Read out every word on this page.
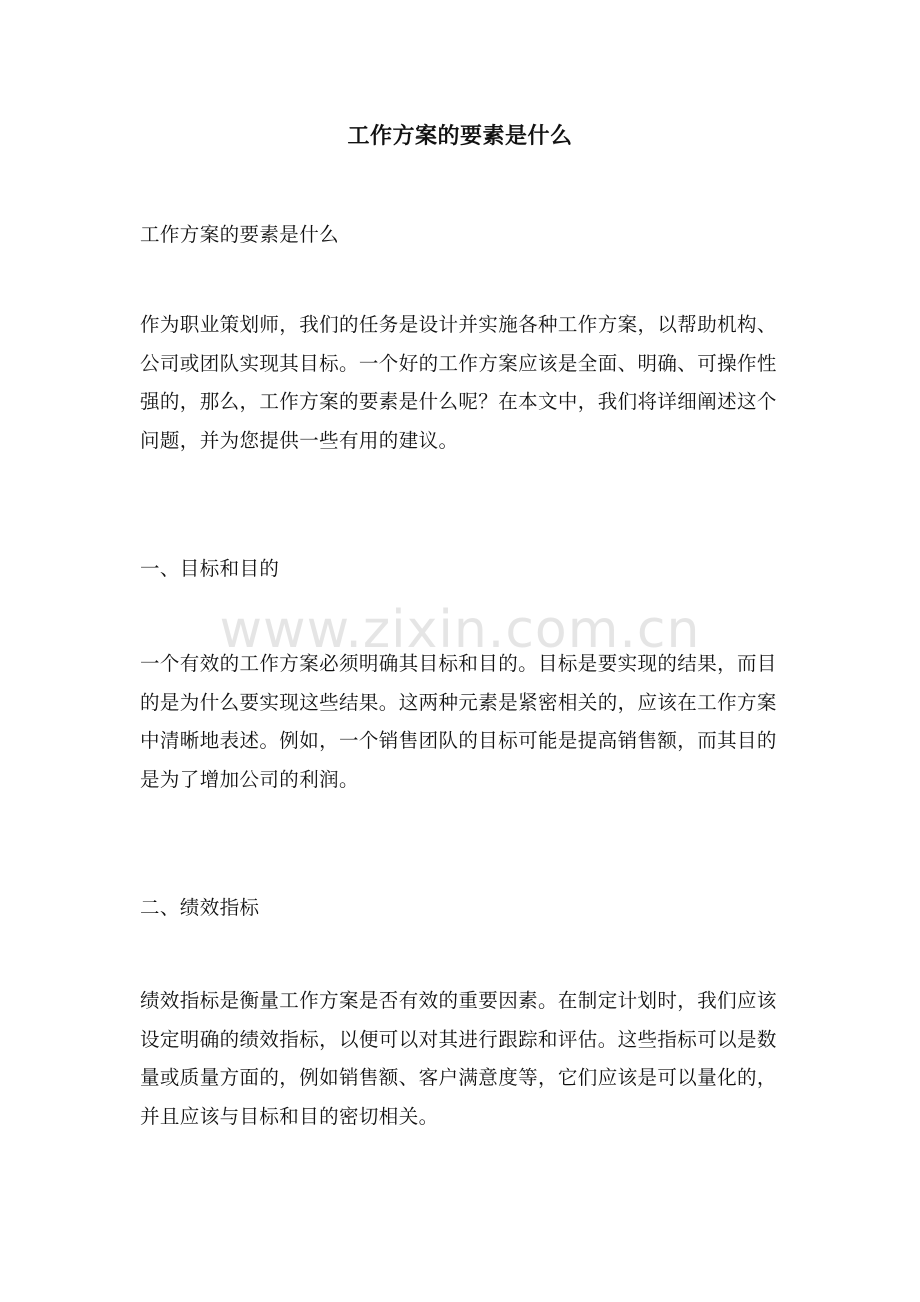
工作方案的要素是什么

工作方案的要素是什么

作为职业策划师，我们的任务是设计并实施各种工作方案，以帮助机构、公司或团队实现其目标。一个好的工作方案应该是全面、明确、可操作性强的，那么，工作方案的要素是什么呢？在本文中，我们将详细阐述这个问题，并为您提供一些有用的建议。

一、目标和目的

一个有效的工作方案必须明确其目标和目的。目标是要实现的结果，而目的是为什么要实现这些结果。这两种元素是紧密相关的，应该在工作方案中清晰地表述。例如，一个销售团队的目标可能是提高销售额，而其目的是为了增加公司的利润。

二、绩效指标

绩效指标是衡量工作方案是否有效的重要因素。在制定计划时，我们应该设定明确的绩效指标，以便可以对其进行跟踪和评估。这些指标可以是数量或质量方面的，例如销售额、客户满意度等，它们应该是可以量化的，并且应该与目标和目的密切相关。

www.zixin.com.cn
